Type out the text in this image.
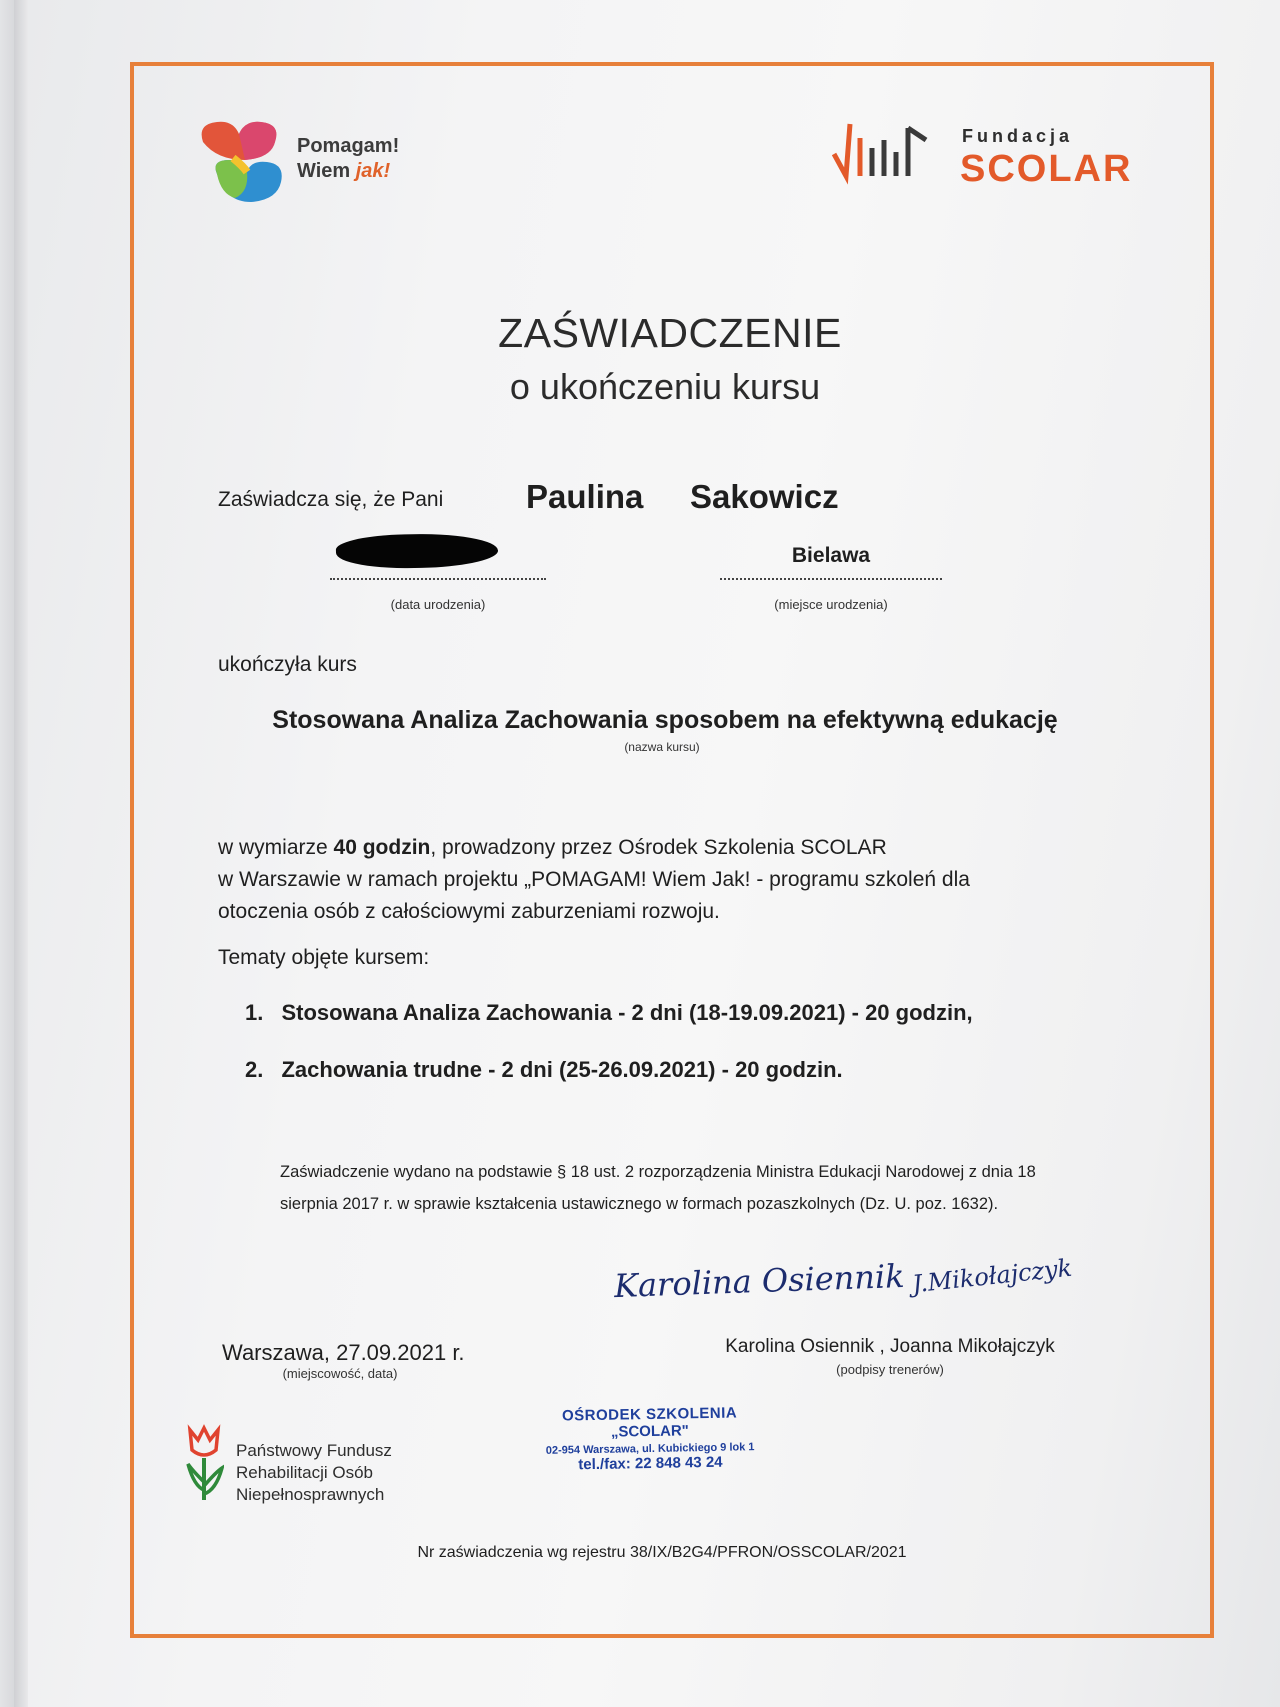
Pomagam!
Wiem jak!
Fundacja
SCOLAR
ZAŚWIADCZENIE
o ukończeniu kursu
Zaświadcza się, że Pani	Paulina Sakowicz
(data urodzenia)
Bielawa
(miejsce urodzenia)
ukończyła kurs
Stosowana Analiza Zachowania sposobem na efektywną edukację
(nazwa kursu)
w wymiarze 40 godzin, prowadzony przez Ośrodek Szkolenia SCOLAR
w Warszawie w ramach projektu „POMAGAM! Wiem Jak! - programu szkoleń dla
otoczenia osób z całościowymi zaburzeniami rozwoju.
Tematy objęte kursem:
1. Stosowana Analiza Zachowania - 2 dni (18-19.09.2021) - 20 godzin,
2. Zachowania trudne - 2 dni (25-26.09.2021) - 20 godzin.
Zaświadczenie wydano na podstawie § 18 ust. 2 rozporządzenia Ministra Edukacji Narodowej z dnia 18
sierpnia 2017 r. w sprawie kształcenia ustawicznego w formach pozaszkolnych (Dz. U. poz. 1632).
Karolina Osiennik J.Mikołajczyk
Warszawa, 27.09.2021 r.
(miejscowość, data)
Karolina Osiennik , Joanna Mikołajczyk
(podpisy trenerów)
Państwowy Fundusz
Rehabilitacji Osób
Niepełnosprawnych
OŚRODEK SZKOLENIA
„SCOLAR"
02-954 Warszawa, ul. Kubickiego 9 lok 1
tel./fax: 22 848 43 24
Nr zaświadczenia wg rejestru 38/IX/B2G4/PFRON/OSSCOLAR/2021
